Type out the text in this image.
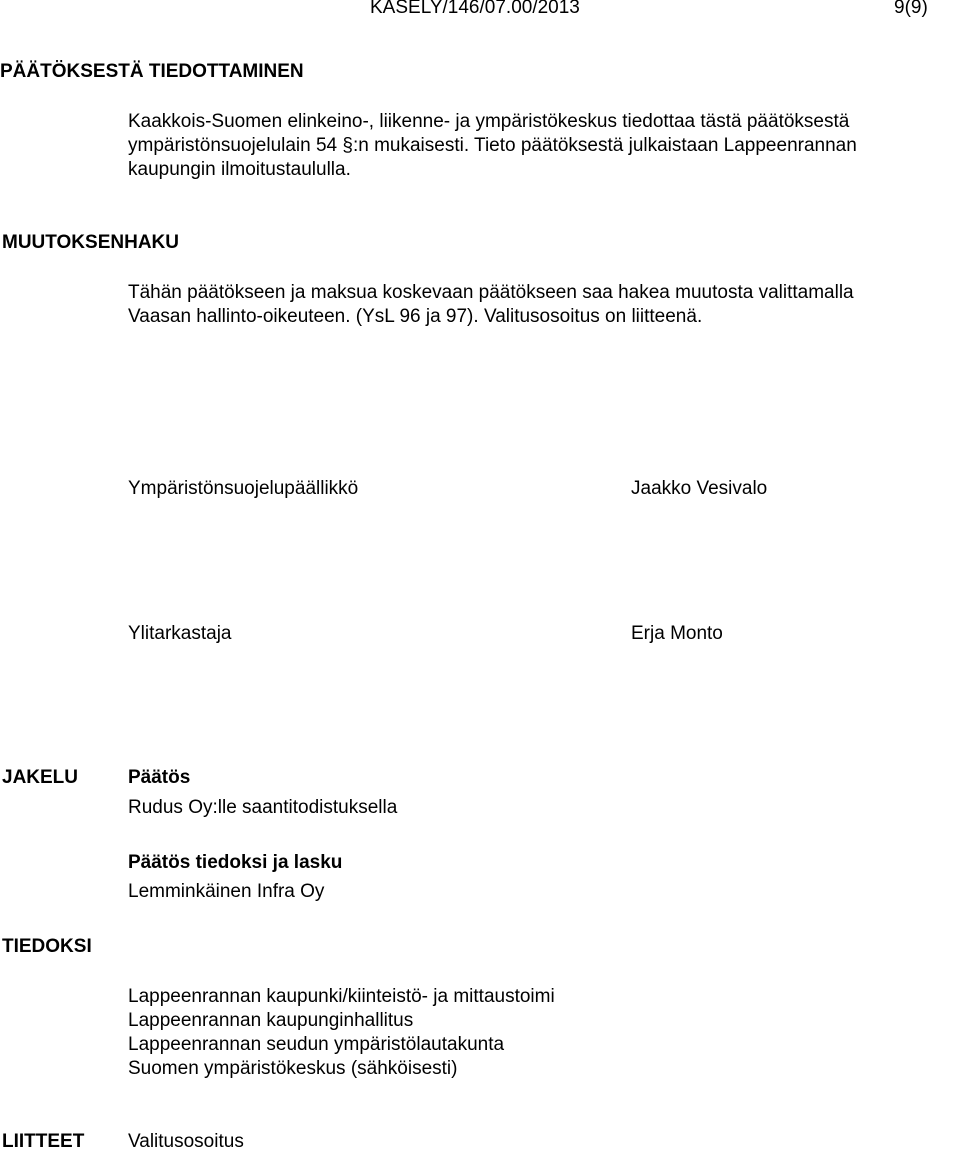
KASELY/146/07.00/2013	9(9)
PÄÄTÖKSESTÄ TIEDOTTAMINEN
Kaakkois-Suomen elinkeino-, liikenne- ja ympäristökeskus tiedottaa tästä päätöksestä
ympäristönsuojelulain 54 §:n mukaisesti. Tieto päätöksestä julkaistaan Lappeenrannan
kaupungin ilmoitustaululla.
MUUTOKSENHAKU
Tähän päätökseen ja maksua koskevaan päätökseen saa hakea muutosta valittamalla
Vaasan hallinto-oikeuteen. (YsL 96 ja 97). Valitusosoitus on liitteenä.
Ympäristönsuojelupäällikkö	Jaakko Vesivalo
Ylitarkastaja	Erja Monto
JAKELU	Päätös
Rudus Oy:lle saantitodistuksella
Päätös tiedoksi ja lasku
Lemminkäinen Infra Oy
TIEDOKSI
Lappeenrannan kaupunki/kiinteistö- ja mittaustoimi
Lappeenrannan kaupunginhallitus
Lappeenrannan seudun ympäristölautakunta
Suomen ympäristökeskus (sähköisesti)
LIITTEET Valitusosoitus
